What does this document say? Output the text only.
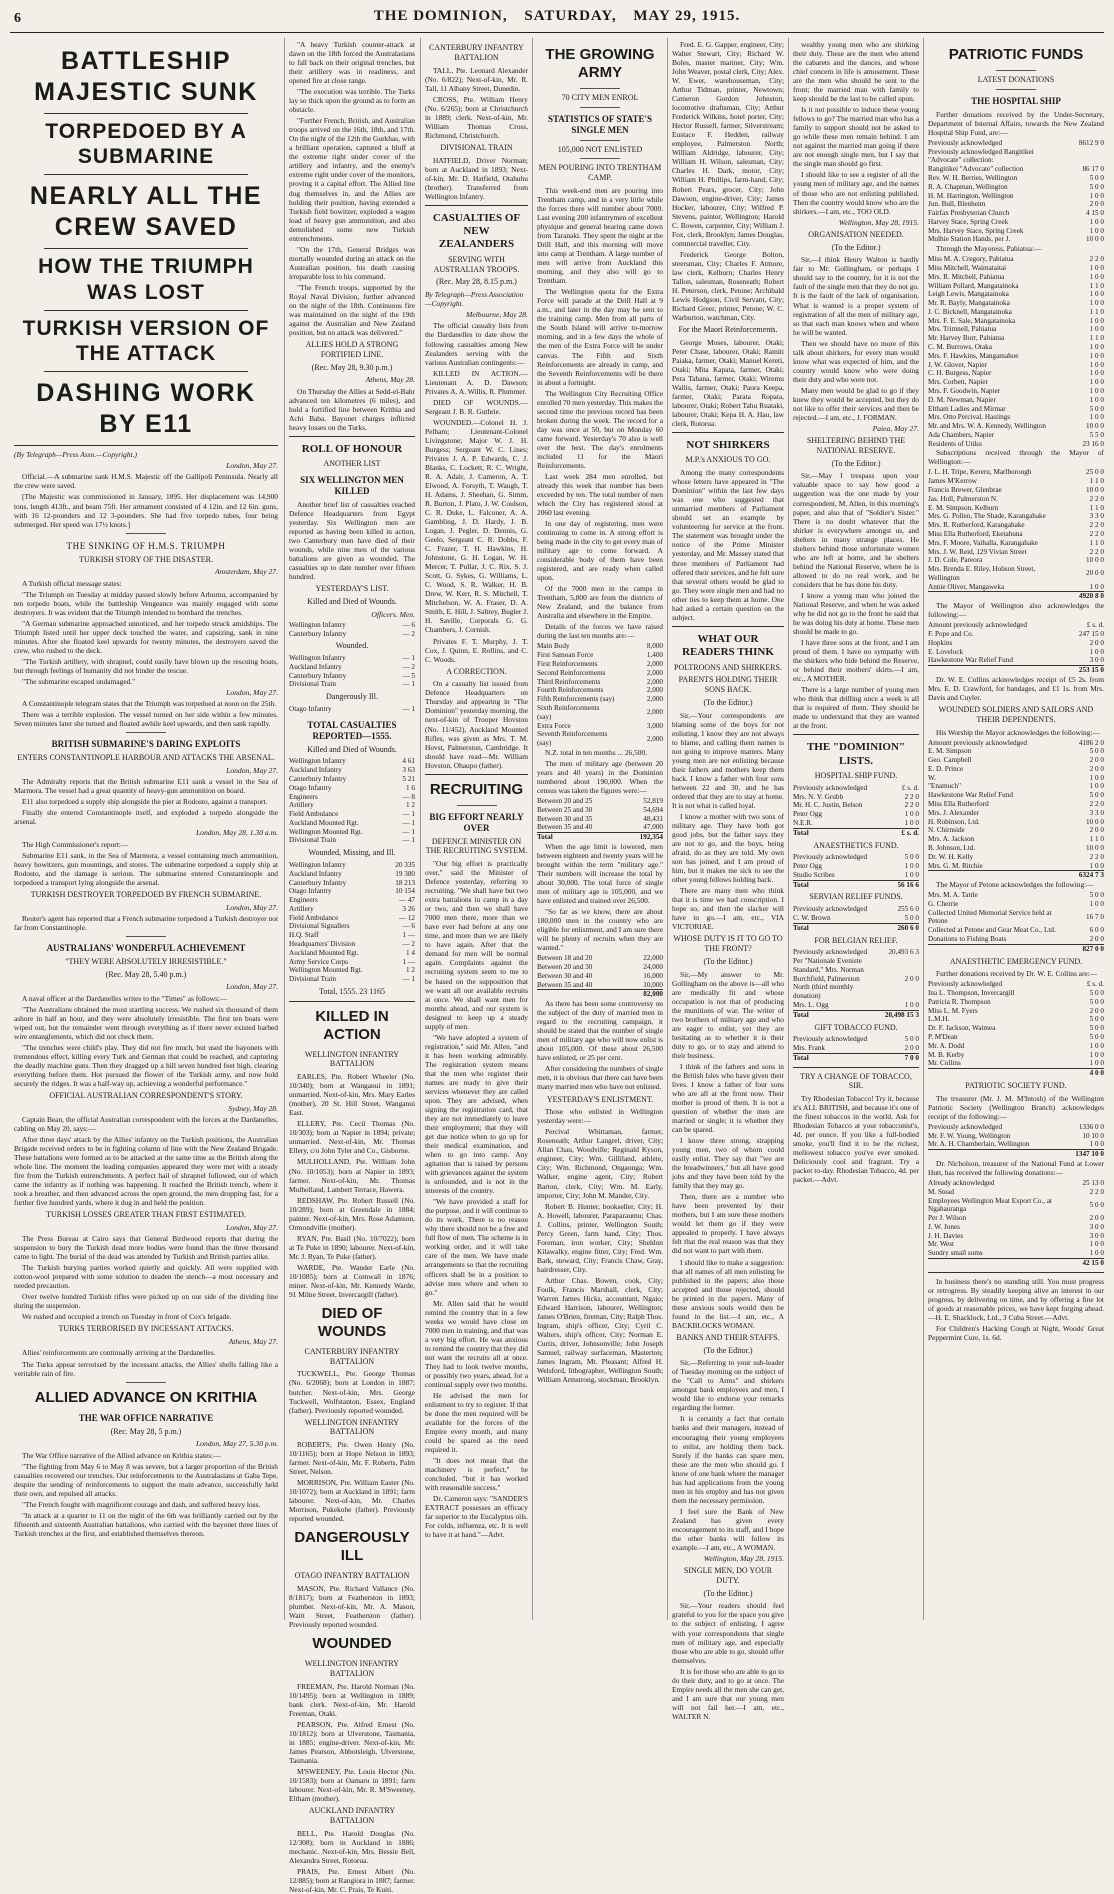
6	THE DOMINION, SATURDAY, MAY 29, 1915.
BATTLESHIP MAJESTIC SUNK
TORPEDOED BY A SUBMARINE
NEARLY ALL THE CREW SAVED
HOW THE TRIUMPH WAS LOST
TURKISH VERSION OF THE ATTACK
DASHING WORK BY E11
(By Telegraph—Press Assn.—Copyright.)
London, May 27.

Official.—A submarine sank H.M.S. Majestic off the Gallipoli Peninsula. Nearly all the crew were saved.

[The Majestic was commissioned in January, 1895. Her displacement was 14,900 tons, length 413ft., and beam 75ft. Her armament consisted of 4 12in. and 12 6in. guns, with 16 12-pounders and 12 3-pounders. She had five torpedo tubes, four being submerged. Her speed was 17½ knots.]

THE SINKING OF H.M.S. TRIUMPH
TURKISH STORY OF THE DISASTER.
Amsterdam, May 27.

A Turkish official message states:

"The Triumph on Tuesday at midday passed slowly before Arburnu, accompanied by ten torpedo boats, while the battleship Vengeance was mainly engaged with some destroyers. It was evident that the Triumph intended to bombard the trenches.

"A German submarine approached unnoticed, and her torpedo struck amidships. The Triumph listed until her upper deck touched the water, and capsizing, sank in nine minutes. After she floated keel upwards for twenty minutes, the destroyers saved the crew, who rushed to the deck.

"The Turkish artillery, with shrapnel, could easily have blown up the rescuing boats, but through feelings of humanity did not hinder the rescue.

"The submarine escaped undamaged."

London, May 27.

A Constantinople telegram states that the Triumph was torpedoed at noon on the 25th.

There was a terrible explosion. The vessel turned on her side within a few minutes. Seven minutes later she turned and floated awhile keel upwards, and then sank rapidly.

BRITISH SUBMARINE'S DARING EXPLOITS
ENTERS CONSTANTINOPLE HARBOUR AND ATTACKS THE ARSENAL.
London, May 27.

The Admiralty reports that the British submarine E11 sank a vessel in the Sea of Marmora. The vessel had a great quantity of heavy-gun ammunition on board.

E11 also torpedoed a supply ship alongside the pier at Rodosto, against a transport.

Finally she entered Constantinople itself, and exploded a torpedo alongside the arsenal.

London, May 28, 1.30 a.m.

The High Commissioner's report:—

Submarine E11 sank, in the Sea of Marmora, a vessel containing much ammunition, heavy howitzers, gun mountings, and stores. The submarine torpedoed a supply ship at Rodosto, and the damage is serious. The submarine entered Constantinople and torpedoed a transport lying alongside the arsenal.

TURKISH DESTROYER TORPEDOED BY FRENCH SUBMARINE.
London, May 27.

Reuter's agent has reported that a French submarine torpedoed a Turkish destroyer not far from Constantinople.

AUSTRALIANS' WONDERFUL ACHIEVEMENT
"THEY WERE ABSOLUTELY IRRESISTIBLE."
(Rec. May 28, 5.40 p.m.)
London, May 27.

A naval officer at the Dardanelles writes to the "Times" as follows:—

"The Australians obtained the most startling success. We rushed six thousand of them ashore in half an hour, and they were absolutely irresistible. The first ten boats were wiped out, but the remainder went through everything as if there never existed barbed wire entanglements, which did not check them.

"The trenches were child's play. They did not fire much, but used the bayonets with tremendous effect, killing every Turk and German that could be reached, and capturing the deadly machine guns. Then they dragged up a hill seven hundred feet high, clearing everything before them. Hot pursued the flower of the Turkish army, and now hold securely the ridges. It was a half-way up, achieving a wonderful performance."

OFFICIAL AUSTRALIAN CORRESPONDENT'S STORY.
Sydney, May 28.

Captain Bean, the official Australian correspondent with the forces at the Dardanelles, cabling on May 20, says:—

After three days' attack by the Allies' infantry on the Turkish positions, the Australian Brigade received orders to be in fighting column of line with the New Zealand Brigade. These battalions were formed as to be attacked at the same time as the British along the whole line. The moment the leading companies appeared they were met with a steady fire from the Turkish entrenchments. A perfect hail of shrapnel followed, out of which came the infantry as if nothing was happening. It reached the British trench, where it took a breather, and then advanced across the open ground, the men dropping fast, for a further five hundred yards, where it dug in and held the position.

TURKISH LOSSES GREATER THAN FIRST ESTIMATED.
London, May 27.

The Press Bureau at Cairo says that General Birdwood reports that during the suspension to bury the Turkish dead more bodies were found than the three thousand came to light. The burial of the dead was attended by Turkish and British parties alike.

The Turkish burying parties worked quietly and quickly. All were supplied with cotton-wool prepared with some solution to deaden the stench—a most necessary and needed precaution.

Over twelve hundred Turkish rifles were picked up on our side of the dividing line during the suspension.

We rushed and occupied a trench on Tuesday in front of Cox's brigade.

TURKS TERRORISED BY INCESSANT ATTACKS.
Athens, May 27.

Allies' reinforcements are continually arriving at the Dardanelles.

The Turks appear terrorised by the incessant attacks, the Allies' shells falling like a veritable rain of fire.

ALLIED ADVANCE ON KRITHIA
THE WAR OFFICE NARRATIVE
(Rec. May 28, 5 p.m.)
London, May 27, 5.30 p.m.

The War Office narrative of the Allied advance on Krithia states:—

"The fighting from May 6 to May 8 was severe, but a larger proportion of the British casualties recovered our trenches. Our reinforcements to the Australasians at Gaba Tepe, despite the sending of reinforcements to support the main advance, successfully held their own, and repulsed all attacks.

"The French fought with magnificent courage and dash, and suffered heavy loss.

"In attack at a quarter to 11 on the night of the 6th was brilliantly carried out by the fifteenth and sixteenth Australian battalions, who carried with the bayonet three lines of Turkish trenches at the first, and established themselves thereon.

"A heavy Turkish counter-attack at dawn on the 18th forced the Australasians to fall back on their original trenches, but their artillery was in readiness, and opened fire at close range.

"The execution was terrible. The Turks lay so thick upon the ground as to form an obstacle.

"Further French, British, and Australian troops arrived on the 16th, 18th, and 17th. On the night of the 12th the Gurkhas, with a brilliant operation, captured a bluff at the extreme right under cover of the artillery and infantry, and the enemy's extreme right under cover of the monitors, proving it a capital effort. The Allied line dug themselves in, and the Allies are holding their position, having extended a Turkish field howitzer, exploded a wagon load of heavy gun ammunition, and also demolished some new Turkish entrenchments.

"On the 17th, General Bridges was mortally wounded during an attack on the Australian position, his death causing irreparable loss to his command.

"The French troops, supported by the Royal Naval Division, further advanced on the night of the 18th. Continuous fire was maintained on the night of the 19th against the Australian and New Zealand position, but no attack was delivered."

ALLIES HOLD A STRONG FORTIFIED LINE.
(Rec. May 28, 9.30 p.m.)
Athens, May 28.

On Thursday the Allies at Sedd-el-Bahr advanced ten kilometres (6 miles), and hold a fortified line between Krithia and Achi Baba. Bayonet charges inflicted heavy losses on the Turks.

ROLL OF HONOUR
ANOTHER LIST
SIX WELLINGTON MEN KILLED

Another brief list of casualties reached Defence Headquarters from Egypt yesterday. Six Wellington men are reported as having been killed in action, two Canterbury men have died of their wounds, while nine men of the various battalions are given as wounded. The casualties up to date number over fifteen hundred.

YESTERDAY'S LIST.
Killed and Died of Wounds.
Officers. Men.
Wellington Infantry	— 6
Canterbury Infantry	— 2
Wounded.
Wellington Infantry	— 1
Auckland Infantry	— 2
Canterbury Infantry	— 5
Divisional Train	— 1
Dangerously Ill.
Otago Infantry	— 1
TOTAL CASUALTIES REPORTED—1555.
Killed and Died of Wounds.
Wellington Infantry	4 61
Auckland Infantry	3 63
Canterbury Infantry	5 21
Otago Infantry	1 6
Engineers	— 8
Artillery	1 2
Field Ambulance	— 1
Auckland Mounted Rgt.	— 1
Wellington Mounted Rgt.	— 1
Divisional Train	— 1
Wounded, Missing, and Ill.
Wellington Infantry	20 335
Auckland Infantry	19 380
Canterbury Infantry	18 213
Otago Infantry	10 154
Engineers	— 47
Artillery	3 26
Field Ambulance	— 12
Divisional Signallers	— 6
H.Q. Staff	1 —
Headquarters' Division	— 2
Auckland Mounted Rgt.	1 4
Army Service Corps	1 —
Wellington Mounted Rgt.	1 2
Divisional Train	— 1
Total, 1555. 23 1165
KILLED IN ACTION
WELLINGTON INFANTRY BATTALION

EARLES, Pte. Robert Wheeler (No. 10/340); born at Wanganui in 1891; unmarried. Next-of-kin, Mrs. Mary Earles (mother), 20 St. Hill Street, Wanganui East.

ELLERY, Pte. Cecil Thomas (No. 10/303); born at Napier in 1894; private; unmarried. Next-of-kin, Mr. Thomas Ellery, c/o John Tyler and Co., Gisborne.

MULHOLLAND, Pte. William John (No. 10/1053); born at Napier in 1893; farmer. Next-of-kin, Mr. Thomas Mulholland, Lambert Terrace, Hawera.

REDSHAW, Pte. Robert Russell (No. 10/289); born at Greendale in 1884; painter. Next-of-kin, Mrs. Rose Adamson, Ormondville (mother).

RYAN, Pte. Basil (No. 10/7022); born at Te Puke in 1890; labourer. Next-of-kin, Mr. J. Ryan, Te Puke (father).

WARDE, Pte. Wander Earle (No. 10/1085); born at Cornwall in 1876; miner. Next-of-kin, Mr. Kennedy Warde, 91 Milne Street, Invercargill (father).

DIED OF WOUNDS
CANTERBURY INFANTRY BATTALION

TUCKWELL, Pte. George Thomas (No. 6/2068); born at London in 1887; butcher. Next-of-kin, Mrs. George Tuckwell, Wolfstanton, Essex, England (father). Previously reported wounded.

WELLINGTON INFANTRY BATTALION

ROBERTS, Pte. Owen Henry (No. 10/1165); born at Hope Nelson in 1893; farmer. Next-of-kin, Mr. F. Roberts, Palm Street, Nelson.

MORRISON, Pte. William Easter (No. 10/1072); born at Auckland in 1891; farm labourer. Next-of-kin, Mr. Charles Morrison, Pukekohe (father). Previously reported wounded.

DANGEROUSLY ILL
OTAGO INFANTRY BATTALION

MASON, Pte. Richard Vallance (No. 8/1817); born at Featherston in 1893; plumber. Next-of-kin, Mr. A. Mason, Waitt Street, Featherston (father). Previously reported wounded.

WOUNDED
WELLINGTON INFANTRY BATTALION

FREEMAN, Pte. Harold Norman (No. 10/1495); born at Wellington in 1889; bank clerk. Next-of-kin, Mr. Harold Freeman, Otaki.

PEARSON, Pte. Alfred Ernest (No. 10/1812); born at Ulverstone, Tasmania, in 1885; engine-driver. Next-of-kin, Mr. James Pearson, Abbotsleigh, Ulverstone, Tasmania.

M'SWEENEY, Pte. Louis Hector (No. 10/1583); born at Oamaru in 1891; farm labourer. Next-of-kin, Mr. R. M'Sweeney, Eltham (mother).

AUCKLAND INFANTRY BATTALION

BELL, Pte. Harold Douglas (No. 12/308); born in Auckland in 1886; mechanic. Next-of-kin, Mrs. Bessie Bell, Alexandra Street, Rotorua.

PRAIS, Pte. Ernest Albert (No. 12/885); born at Rangiora in 1887; farmer. Next-of-kin, Mr. C. Prais, Te Kuiti.

CANTERBURY INFANTRY BATTALION

TALL, Pte. Leonard Alexander (No. 6/822); Next-of-kin, Mr. R. Tall, 11 Albany Street, Dunedin.

CROSS, Pte. William Henry (No. 6/265); born at Christchurch in 1889; clerk. Next-of-kin, Mr. William Thomas Cross, Richmond, Christchurch.

DIVISIONAL TRAIN

HATFIELD, Driver Norman; born at Auckland in 1893; Next-of-kin, Mr. D. Hatfield, Otahuhu (brother). Transferred from Wellington Infantry.

CASUALTIES OF NEW ZEALANDERS
SERVING WITH AUSTRALIAN TROOPS.
(Rec. May 28, 8.15 p.m.)
By Telegraph—Press Association—Copyright.
Melbourne, May 28.

The official casualty lists from the Dardanelles to date show the following casualties among New Zealanders serving with the various Australian contingents:—

KILLED IN ACTION.—Lieutenant A. D. Dawson; Privates A. A. Willis, R. Plummer.

DIED OF WOUNDS.—Sergeant J. B. R. Guthrie.

WOUNDED.—Colonel H. J. Pelham; Lieutenant-Colonel Livingstone; Major W. J. H. Burgess; Sergeant W. C. Lines; Privates J. A. P. Edwards, C. J. Blanks, C. Lockett, R. C. Wright, R. A. Adair, J. Cameron, A. T. Elwood, A. Forsyth, T. Waugh, T. H. Adams, J. Sheehan, G. Simm, R. Burton, J. Plato, J. W. Coulson, C. R. Duke, L. Falconer, A. A. Gambling, J. D. Hardy, J. B. Logan, J. Pegler, D. Dennis, G. Geelo, Sergeant C. R. Dobbs, F. C. Frazer, T. H. Hawkins, H. Johnstone, G. H. Logan, W. H. Mercer, T. Pullar, J. C. Rix, S. J. Scott, G. Sykes, G. Williams, L. C. Wood, S. R. Walker, H. B. Drew, W. Kerr, R. S. Mitchell, T. Mitchelson, W. A. Fraser, D. A. Smith, E. Hill, J. Saltrey, Bugler J. H. Saville, Corporals G. G. Chambers, J. Cornish.

Privates F. T. Murphy, J. T. Cox, J. Quinn, E. Rollins, and C. C. Woods.

A CORRECTION.

On a casualty list issued from Defence Headquarters on Thursday and appearing in "The Dominion" yesterday morning, the next-of-kin of Trooper Hovston (No. 11/452), Auckland Mounted Rifles, was given as Mrs. T. M. Hovst, Palmerston, Cambridge. It should have read—Mr. William Hovston, Ohaupo (father).

RECRUITING
BIG EFFORT NEARLY OVER
DEFENCE MINISTER ON THE RECRUITING SYSTEM.

"Our big effort is practically over," said the Minister of Defence yesterday, referring to recruiting. "We shall have but two extra battalions in camp in a day or two, and then we shall have 7000 men there, more than we have ever had before at any one time, and more than we are likely to have again. After that the demand for men will be normal again. Complaints against the recruiting system seem to me to be based on the supposition that we want all our available recruits at once. We shall want men for months ahead, and our system is designed to keep up a steady supply of men.

"We have adopted a system of registration," said Mr. Allen, "and it has been working admirably. The registration system means that the men who register their names are ready to give their services whenever they are called upon. They are advised, when signing the registration card, that they are not immediately to leave their employment; that they will get due notice when to go up for their medical examination, and when to go into camp. Any agitation that is raised by persons with grievances against the system is unfounded, and is not in the interests of the country.

"We have provided a staff for the purpose, and it will continue to do its work. There is no reason why there should not be a free and full flow of men. The scheme is in working order, and it will take care of the men. We have made arrangements so that the recruiting officers shall be in a position to advise men where and when to go."

Mr. Allen said that he would remind the country that in a few weeks we would have close on 7000 men in training, and that was a very big effort. He was anxious to remind the country that they did not want the recruits all at once. They had to look twelve months, or possibly two years, ahead, for a continual supply over two months.

He advised the men for enlistment to try to register. If that be done the men required will be available for the forces of the Empire every month, and many could be spared as the need required it.

"It does not mean that the machinery is perfect," he concluded, "but it has worked with reasonable success."

Dr. Cameron says: "SANDER'S EXTRACT possesses an efficacy far superior to the Eucalyptus oils. For colds, influenza, etc. It is well to have it at hand."—Advt.

THE GROWING ARMY
70 CITY MEN ENROL
STATISTICS OF STATE'S SINGLE MEN
105,000 NOT ENLISTED
MEN POURING INTO TRENTHAM CAMP.

This week-end men are pouring into Trentham camp, and in a very little while the forces there will number about 7000. Last evening 200 infantrymen of excellent physique and general bearing came down from Taranaki. They spent the night at the Drill Hall, and this morning will move into camp at Trentham. A large number of men will arrive from Auckland this morning, and they also will go to Trentham.

The Wellington quota for the Extra Force will parade at the Drill Hall at 9 a.m., and later in the day may be sent to the training camp. Men from all parts of the South Island will arrive to-morrow morning, and in a few days the whole of the men of the Extra Force will be under canvas. The Fifth and Sixth Reinforcements are already in camp, and the Seventh Reinforcements will be there in about a fortnight.

The Wellington City Recruiting Office enrolled 70 men yesterday. This makes the second time the previous record has been broken during the week. The record for a day was once at 50, but on Monday 60 came forward. Yesterday's 70 also is well over the best. The day's enrolments included 11 for the Maori Reinforcements.

Last week 284 men enrolled, but already this week that number has been exceeded by ten. The total number of men which the City has registered stood at 2060 last evening.

In one day of registering, men were continuing to come in. A strong effort is being made in the city to get every man of military age to come forward. A considerable body of them have been registered, and are ready when called upon.

Of the 7000 men in the camps in Trentham, 5,800 are from the districts of New Zealand, and the balance from Australia and elsewhere in the Empire.

Details of the forces we have raised during the last ten months are:—

Main Body	8,000
First Samoan Force	1,400
First Reinforcements	2,000
Second Reinforcements	2,000
Third Reinforcements	2,000
Fourth Reinforcements	2,000
Fifth Reinforcements (say)	2,000
Sixth Reinforcements (say)	2,000
Extra Force	3,000
Seventh Reinforcements (say)	2,000

N.Z. total in ten months ... 26,500.

The men of military age (between 20 years and 40 years) in the Dominion numbered about 190,000. When the census was taken the figures were:—

Between 20 and 25	52,819
Between 25 and 30	54,694
Between 30 and 35	48,431
Between 35 and 40	47,000
Total	192,354

When the age limit is lowered, men between eighteen and twenty years will be brought within the term "military age." Their numbers will increase the total by about 30,000. The total force of single men of military age is 105,000, and we have enlisted and trained over 26,500.

"So far as we know, there are about 180,000 men in the country who are eligible for enlistment, and I am sure there will be plenty of recruits when they are wanted."

Between 18 and 20	22,000
Between 20 and 30	24,000
Between 30 and 40	16,000
Between 35 and 40	10,000
	82,000

As there has been some controversy on the subject of the duty of married men in regard to the recruiting campaign, it should be stated that the number of single men of military age who will now enlist is about 105,000. Of these about 26,500 have enlisted, or 25 per cent.

After considering the numbers of single men, it is obvious that there can have been many married men who have not enlisted.

YESTERDAY'S ENLISTMENT.

Those who enlisted in Wellington yesterday were:—

Percival Whittaman, farmer, Roseneath; Arthur Langrel, driver, City; Allan Chau, Woodville; Reginald Kyson, engineer, City; Wm. Gilliland, athlete, City; Wm. Richmond, Ongaonga; Wm. Walker, engine agent, City; Robert Barton, clerk, City; Wm. M. Early, importer, City; John M. Mander, City.

Robert B. Hunter, bookseller, City; H. A. Howell, labourer, Paraparaumu; Chas. J. Collins, printer, Wellington South; Percy Green, farm hand, City; Thos. Foreman, iron worker, City; Sheldon Kilawalky, engine fitter, City; Fred. Wm. Bark, steward, City; Francis Chaw, Gray, hairdresser, City.

Arthur Chas. Bowen, cook, City; Foulk, Francis Marshall, clerk, City; Warren James Hicks, accountant, Ngaio; Edward Harrison, labourer, Wellington; James O'Brien, fireman, City; Ralph Thos. Ingram, ship's officer, City; Cyril C. Walters, ship's officer, City; Norman E. Curtis, driver, Johnsonville; John Joseph Samuel, railway surfaceman, Masterton; James Ingram, Mt. Pleasant; Alfred H. Welsford, lithographer, Wellington South; William Armstrong, stockman, Brooklyn.

Fred. E. G. Gapper, engineer, City; Walter Stewart, City; Richard W. Boles, master mariner, City; Wm. John Weaver, postal clerk, City; Alex. W. Ewer, warehouseman, City; Arthur Tidman, printer, Newtown; Cameron Gordon Johnston, locomotive draftsman, City; Arthur Frederick Wilkins, hotel porter, City; Hector Russell, farmer, Silverstream; Eustace F. Hedden, railway employee, Palmerston North; William Aldridge, labourer, City; William H. Wilson, salesman, City; Charles H. Dark, motor, City; William H. Phillips, farm-hand, City; Robert Pears, grocer, City; John Dawson, engine-driver, City; James Hocker, labourer, City; Wilfred P. Stevens, painter, Wellington; Harold C. Bowen, carpenter, City; William J. Fox, clerk, Brooklyn; James Douglas, commercial traveller, City.

Frederick George Bolton, steersman, City; Charles F. Atmore, law clerk, Kelburn; Charles Henry Tallon, salesman, Roseneath; Robert H. Peterson, clerk, Petone; Archibald Lewis Hodgson, Civil Servant, City; Richard Greer, printer, Petone; W. C. Warburton, watchman, City.

For the Maori Reinforcements.

George Moses, labourer, Otaki; Peter Chase, labourer, Otaki; Ramiti Paiaka, farmer, Otaki; Manuel Kereti, Otaki; Mita Kapata, farmer, Otaki; Pera Tahana, farmer, Otaki; Wiremu Wallis, farmer, Otaki; Paora Keepa, farmer, Otaki; Parata Ropata, labourer, Otaki; Robert Tahu Ruataki, labourer, Otaki; Kepa H. A. Hau, law clerk, Rotorua.

NOT SHIRKERS
M.P.'s ANXIOUS TO GO.

Among the many correspondents whose letters have appeared in "The Dominion" within the last few days was one who suggested that unmarried members of Parliament should set an example by volunteering for service at the front. The statement was brought under the notice of the Prime Minister yesterday, and Mr. Massey stated that three members of Parliament had offered their services, and he felt sure that several others would be glad to go. They were single men and had no other ties to keep them at home. One had asked a certain question on the subject.

WHAT OUR READERS THINK
POLTROONS AND SHIRKERS.
PARENTS HOLDING THEIR SONS BACK.
(To the Editor.)

Sir,—Your correspondents are blaming some of the boys for not enlisting. I know they are not always to blame, and calling them names is not going to improve matters. Many young men are not enlisting because their fathers and mothers keep them back. I know a father with four sons between 22 and 30, and he has ordered that they are to stay at home. It is not what is called loyal.

I know a mother with two sons of military age. They have both got good jobs, but the father says they are not to go, and the boys, being afraid, do as they are told. My own son has joined, and I am proud of him, but it makes me sick to see the other young fellows holding back.

There are many men who think that it is time we had conscription. I hope so, and then the slacker will have to go.—I am, etc., VIA VICTORIAE.

WHOSE DUTY IS IT TO GO TO THE FRONT?
(To the Editor.)

Sir,—My answer to Mr. Gollingham on the above is—all who are medically fit and whose occupation is not that of producing the munitions of war. The writer of two brothers of military age and who are eager to enlist, yet they are hesitating as to whether it is their duty to go, or to stay and attend to their business.

I think of the fathers and sons in the British Isles who have given their lives. I know a father of four sons who are all at the front now. Their mother is proud of them. It is not a question of whether the men are married or single; it is whether they can be spared.

I know three strong, strapping young men, two of whom could easily enlist. They say that "we are the breadwinners," but all have good jobs and they have been told by the family that they may go.

Then, there are a number who have been prevented by their mothers, but I am sure these mothers would let them go if they were appealed to properly. I have always felt that the real reason was that they did not want to part with them.

I should like to make a suggestion: that all names of all men enlisting be published in the papers; also those accepted and those rejected, should be printed in the papers. Many of these anxious souls would then be found in the list.—I am, etc., A BACKBLOCKS WOMAN.

BANKS AND THEIR STAFFS.
(To the Editor.)

Sir,—Referring to your sub-leader of Tuesday morning on the subject of the "Call to Arms" and shirkers amongst bank employees and men, I would like to endorse your remarks regarding the former.

It is certainly a fact that certain banks and their managers, instead of encouraging their young employees to enlist, are holding them back. Surely if the banks can spare men, these are the men who should go. I know of one bank where the manager has had applications from the young men in his employ and has not given them the necessary permission.

I feel sure the Bank of New Zealand has given every encouragement to its staff, and I hope the other banks will follow its example.—I am, etc., A WOMAN.

Wellington, May 28, 1915.
SINGLE MEN, DO YOUR DUTY.
(To the Editor.)

Sir,—Your readers should feel grateful to you for the space you give to the subject of enlisting. I agree with your correspondents that single men of military age, and especially those who are able to go, should offer themselves.

It is for those who are able to go to do their duty, and to go at once. The Empire needs all the men she can get, and I am sure that our young men will not fail her.—I am, etc., WALTER N.

wealthy young men who are shirking their duty. These are the men who attend the cabarets and the dances, and whose chief concern in life is amusement. These are the men who should be sent to the front; the married man with family to keep should be the last to be called upon.

Is it not possible to induce these young fellows to go? The married man who has a family to support should not be asked to go while these men remain behind. I am not against the married man going if there are not enough single men, but I say that the single man should go first.

I should like to see a register of all the young men of military age, and the names of those who are not enlisting published. Then the country would know who are the shirkers.—I am, etc., TOO OLD.

Wellington, May 28, 1915.
ORGANISATION NEEDED.
(To the Editor.)

Sir,—I think Henry Walton is hardly fair to Mr. Gollingham, or perhaps I should say to the country, for it is not the fault of the single men that they do not go. It is the fault of the lack of organisation. What is wanted is a proper system of registration of all the men of military age, so that each man knows when and where he will be wanted.

Then we should have no more of this talk about shirkers, for every man would know what was expected of him, and the country would know who were doing their duty and who were not.

Many men would be glad to go if they knew they would be accepted, but they do not like to offer their services and then be rejected.—I am, etc., J. FORMAN.

Paiea, May 27.
SHELTERING BEHIND THE NATIONAL RESERVE.
(To the Editor.)

Sir,—May I trespass upon your valuable space to say how good a suggestion was the one made by your correspondent, M. Allen, in this morning's paper, and also that of "Soldier's Sister." There is no doubt whatever that the shirker is everywhere amongst us, and shelters in many strange places. He shelters behind those unfortunate women who are left at home, and he shelters behind the National Reserve, where he is allowed to do no real work, and he considers that he has done his duty.

I know a young man who joined the National Reserve, and when he was asked why he did not go to the front he said that he was doing his duty at home. These men should be made to go.

I have three sons at the front, and I am proud of them. I have no sympathy with the shirkers who hide behind the Reserve, or behind their mothers' skirts.—I am, etc., A MOTHER.

There is a large number of young men who think that drilling once a week is all that is required of them. They should be made to understand that they are wanted at the front.

THE "DOMINION" LISTS.
HOSPITAL SHIP FUND.
Previously acknowledged	£ s. d.
Mrs. N. V. Grubb	2 2 0
Mr. H. C. Justin, Belson	2 2 0
Peter Ogg	1 0 0
N.E.R.	1 0 0
Total	£ s. d.
ANAESTHETICS FUND.
Previously acknowledged	5 0 0
Peter Ogg	1 0 0
Studio Scribes	1 0 0
Total	56 16 6
SERVIAN RELIEF FUNDS.
Previously acknowledged	255 6 0
C. W. Brown	5 0 0
Total	260 6 0
FOR BELGIAN RELIEF.
Previously acknowledged	20,493 6 3
Per "Nationale Eveniste Standard," Mrs. Norman Burchfield, Palmerston North (third monthly donation)	2 0 0
Mrs. L. Ogg	1 0 0
Total	20,498 15 3
GIFT TOBACCO FUND.
Previously acknowledged	5 0 0
Mrs. Frank	2 0 0
Total	7 0 0
TRY A CHANGE OF TOBACCO, SIR.

Try Rhodesian Tobacco! Try it, because it's ALL BRITISH, and because it's one of the finest tobaccos in the world. Ask for Rhodesian Tobacco at your tobacconist's, 4d. per ounce. If you like a full-bodied smoke, you'll find it to be the richest, mellowest tobacco you've ever smoked. Deliciously cool and fragrant. Try a packet to-day. Rhodesian Tobacco, 4d. per packet.—Advt.

PATRIOTIC FUNDS
LATEST DONATIONS
THE HOSPITAL SHIP

Further donations received by the Under-Secretary, Department of Internal Affairs, towards the New Zealand Hospital Ship Fund, are:—

Previously acknowledged	8612 9 0
Previously acknowledged Rangitikei "Advocate" collection:	
Rangitikei "Advocate" collection	86 17 0
Rev. W. H. Berries, Wellington	5 0 0
R. A. Chapman, Wellington	5 0 0
H. M. Harrington, Wellington	1 0 0
Jun. Bull, Blenheim	2 0 0
Fairfax Presbyterian Church	4 15 0
Harvey Stace, Spring Creek	1 0 0
Mrs. Harvey Stace, Spring Creek	1 0 0
Mulhie Station Hands, per J.	10 0 0

Through the Mayoress, Pahiatua:—

Miss M. A. Cregory, Pahiatua	2 2 0
Miss Mitchell, Waimataitai	1 0 0
Mrs. R. Mitchell, Pahiatua	1 0 0
William Pollard, Mangatainoka	1 1 0
Leigh Lewis, Mangatainoka	1 0 0
Mr. R. Bayly, Mangatainoka	1 0 0
J. C. Bicknell, Mangatainoka	1 1 0
Mrs. F. E. Sale, Mangatainoka	1 0 0
Mrs. Trimnell, Pahiatua	1 0 0
Mr. Harvey Burr, Pahiatua	1 1 0
C. M. Burrows, Otaka	1 0 0
Mrs. F. Hawkins, Mangamahoe	1 0 0
J. W. Glover, Napier	1 0 0
C. H. Burgess, Napier	1 0 0
Mrs. Corbett, Napier	1 0 0
Mrs. F. Goodwin, Napier	1 0 0
D. M. Newman, Napier	1 0 0
Eltham Ladies and Mirmar	5 0 0
Mrs. Otto Percival, Hastings	1 0 0
Mr. and Mrs. W. A. Kennedy, Wellington	10 0 0
Ada Chambers, Napier	5 5 0
Residents of Utiku	23 16 0

Subscriptions received through the Mayor of Wellington:—

J. L. H. Tripe, Kereru, Marlborough	25 0 0
James M'Kerrow	1 1 0
Francis Brewer, Glenbrae	10 0 0
Jas. Hull, Palmerston N.	2 2 0
E. M. Simpson, Kelburn	1 1 0
Mrs. G. Pollen, The Shade, Karangahake	3 3 0
Mrs. R. Rutherford, Karangahake	2 2 0
Miss Ella Rutherford, Eketahuna	2 2 0
Mrs. F. Moore, Vaihalla, Karangahake	1 1 0
Mrs. J. W. Reid, 129 Vivian Street	2 2 0
J. D. Cole, Pareora	10 0 0
Mrs. Brenda E. Riley, Hobson Street, Wellington	20 0 0
Annie Oliver, Mangaweka	1 0 0
	4920 8 0

The Mayor of Wellington also acknowledges the following:—

Amount previously acknowledged	£ s. d.
F. Pope and Co.	247 15 0
Hopkins	2 0 0
E. Lovelock	1 0 0
Hawkestone War Relief Fund	3 0 0
	253 15 0

Dr. W. E. Collins acknowledges receipt of £5 2s. from Mrs. E. D. Crawford, for bandages, and £1 1s. from Mrs. Davis and Cuyler.

WOUNDED SOLDIERS AND SAILORS AND THEIR DEPENDENTS.

His Worship the Mayor acknowledges the following:—

Amount previously acknowledged	4186 2 0
E. M. Simpson	5 0 0
Geo. Campbell	2 0 0
E. D. Prince	2 0 0
W.	1 0 0
"Enamuch"	1 0 0
Hawkestone War Relief Fund	5 0 0
Miss Ella Rutherford	2 2 0
Mrs. J. Alexander	3 3 0
H. Robinson, Ltd.	10 0 0
N. Chirnside	2 0 0
Mrs. A. Jackson	1 1 0
B. Johnson, Ltd.	10 0 0
Dr. W. H. Kelly	2 2 0
Mrs. G. M. Ritchie	1 0 0
	6324 7 3

The Mayor of Petone acknowledges the following:—

Mrs. M. A. Tattle	5 0 0
G. Cherrie	1 0 0
Collected United Memorial Service held at Petone	16 7 0
Collected at Petone and Gear Meat Co., Ltd.	6 0 0
Donations to Fishing Boats	2 0 0
	827 0 0
ANAESTHETIC EMERGENCY FUND.

Further donations received by Dr. W. E. Collins are:—

Previously acknowledged	£ s. d.
Ina L. Thompson, Invercargill	5 0 0
Patricia R. Thompson	5 0 0
Miss L. M. Fyers	2 0 0
L.M.H.	5 0 0
Dr. F. Jackson, Waimea	5 0 0
P. M'Dean	5 0 0
Mr. A. Dodd	1 0 0
M. B. Kerby	1 0 0
Mr. Collins	1 0 0
	4 0 0
PATRIOTIC SOCIETY FUND.

The treasurer (Mr. J. M. M'Intosh) of the Wellington Patriotic Society (Wellington Branch) acknowledges receipt of the following:—

Previously acknowledged	1336 0 0
Mr. F. W. Young, Wellington	10 10 0
Mr. A. H. Chamberlain, Wellington	1 0 0
	1347 10 0

Dr. Nicholson, treasurer of the National Fund at Lower Hutt, has received the following donations:—

Already acknowledged	25 13 0
M. Stead	2 2 0
Employees Wellington Meat Export Co., at Ngahauranga	5 0 0
Per J. Wilson	2 0 0
J. W. Jones	3 0 0
J. H. Davies	3 0 0
Mr. West	1 0 0
Sundry small sums	1 0 0
	42 15 0

In business there's no standing still. You must progress or retrogress. By steadily keeping alive an interest in our progress, by delivering on time, and by offering a fine lot of goods at reasonable prices, we have kept forging ahead.—H. E. Shacklock, Ltd., 3 Cuba Street.—Advt.

For Children's Hacking Cough at Night, Woods' Great Peppermint Cure, 1s. 6d.
